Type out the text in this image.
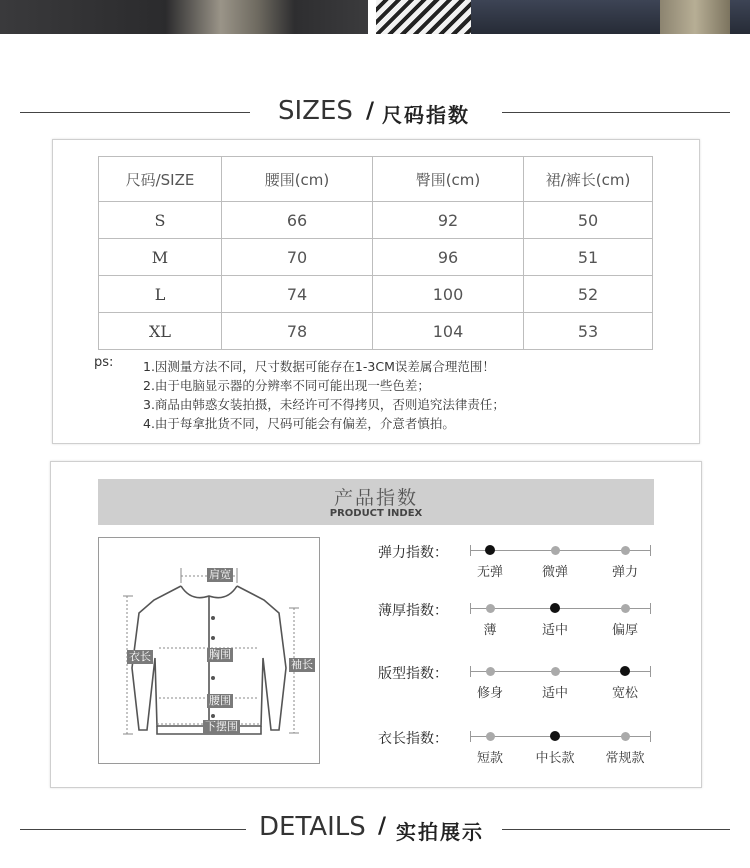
SIZES / 尺码指数
尺码/SIZE	腰围(cm)	臀围(cm)	裙/裤长(cm)
S	66	92	50
M	70	96	51
L	74	100	52
XL	78	104	53
ps: 1.因测量方法不同，尺寸数据可能存在1-3CM误差属合理范围！
2.由于电脑显示器的分辨率不同可能出现一些色差；
3.商品由韩惑女装拍摄，未经许可不得拷贝，否则追究法律责任；
4.由于每拿批货不同，尺码可能会有偏差，介意者慎拍。
产品指数
PRODUCT INDEX
肩宽
胸围
腰围
下摆围
衣长
袖长
弹力指数：
无弹	微弹	弹力
薄厚指数：
薄	适中	偏厚
版型指数：
修身	适中	宽松
衣长指数：
短款	中长款	常规款
DETAILS / 实拍展示
